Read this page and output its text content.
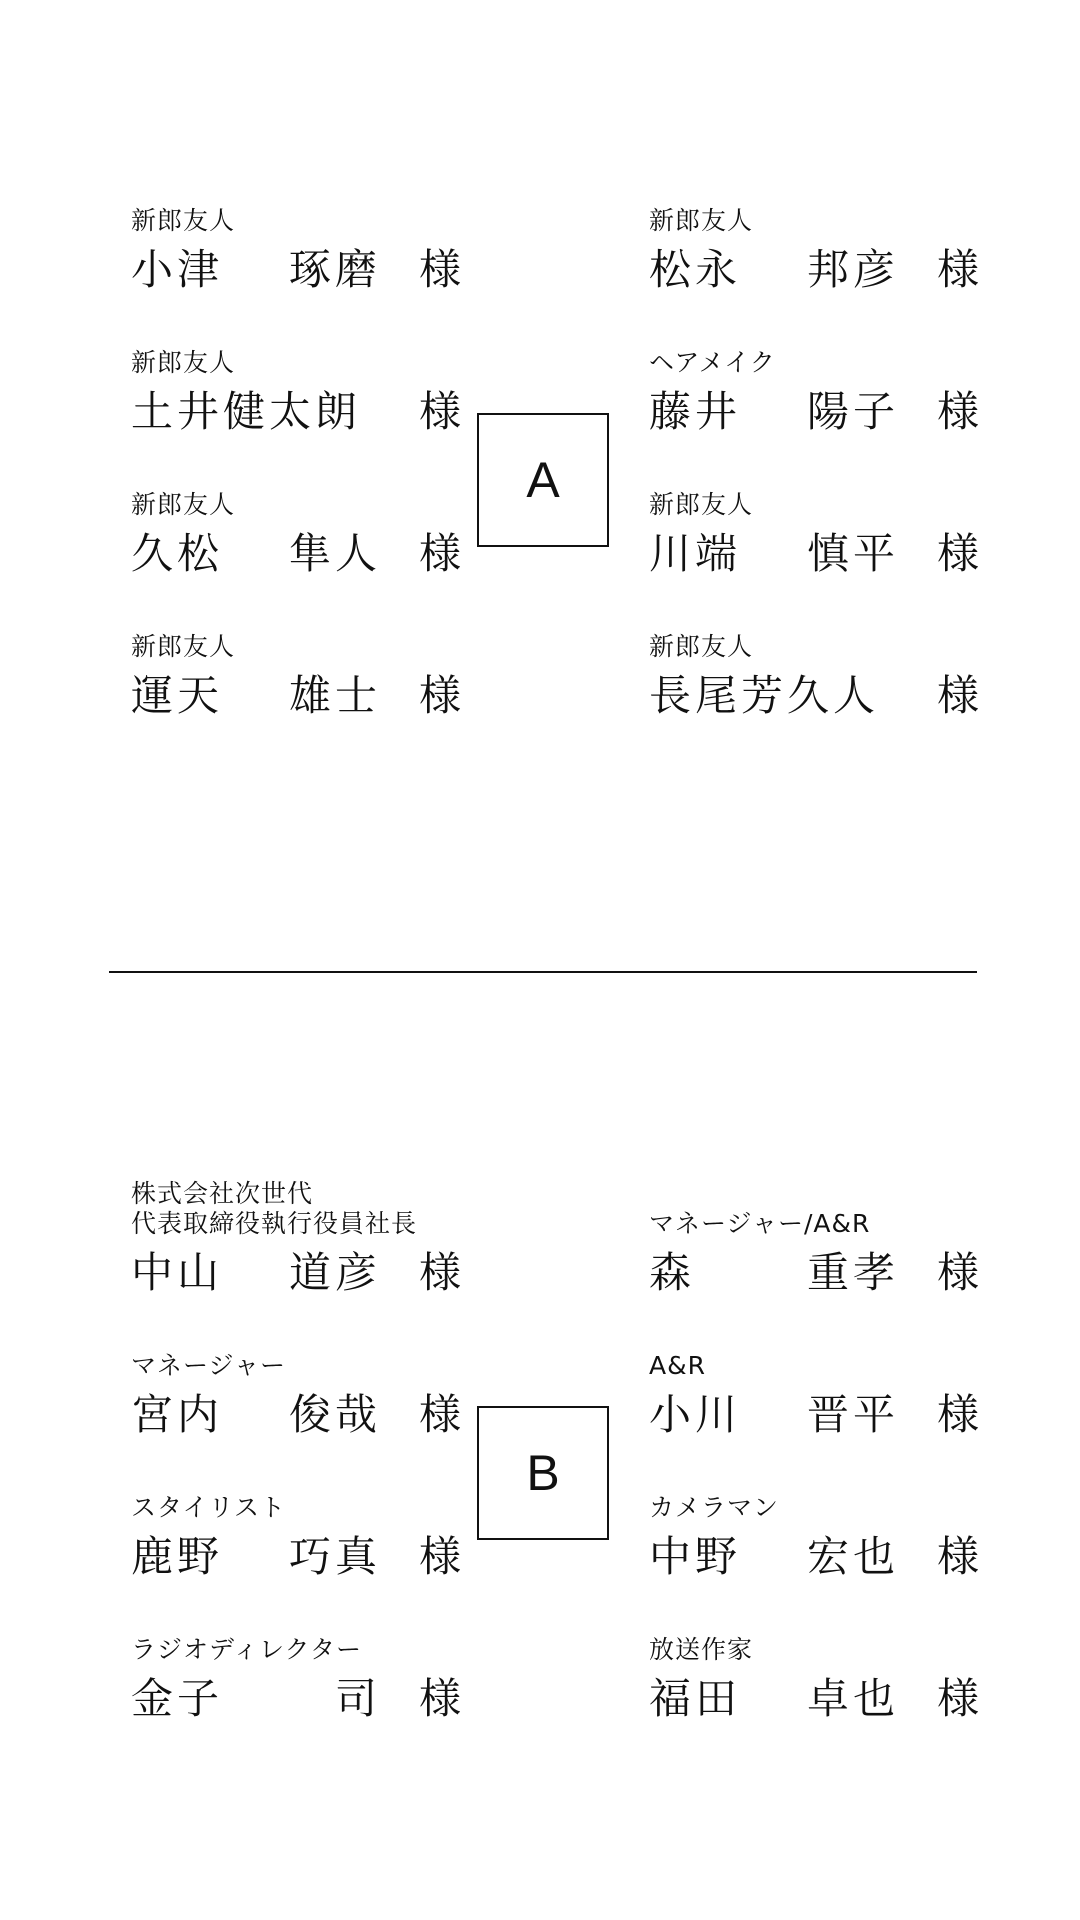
新郎友人
小津 琢磨 様
新郎友人
土井健太朗 様
新郎友人
久松 隼人 様
新郎友人
運天 雄士 様
A
新郎友人
松永 邦彦 様
ヘアメイク
藤井 陽子 様
新郎友人
川端 慎平 様
新郎友人
長尾芳久人 様
株式会社次世代
代表取締役執行役員社長
中山 道彦 様
マネージャー
宮内 俊哉 様
スタイリスト
鹿野 巧真 様
ラジオディレクター
金子	司 様
B
マネージャー/A&R
森	重孝 様
A&R
小川 晋平 様
カメラマン
中野 宏也 様
放送作家
福田 卓也 様
